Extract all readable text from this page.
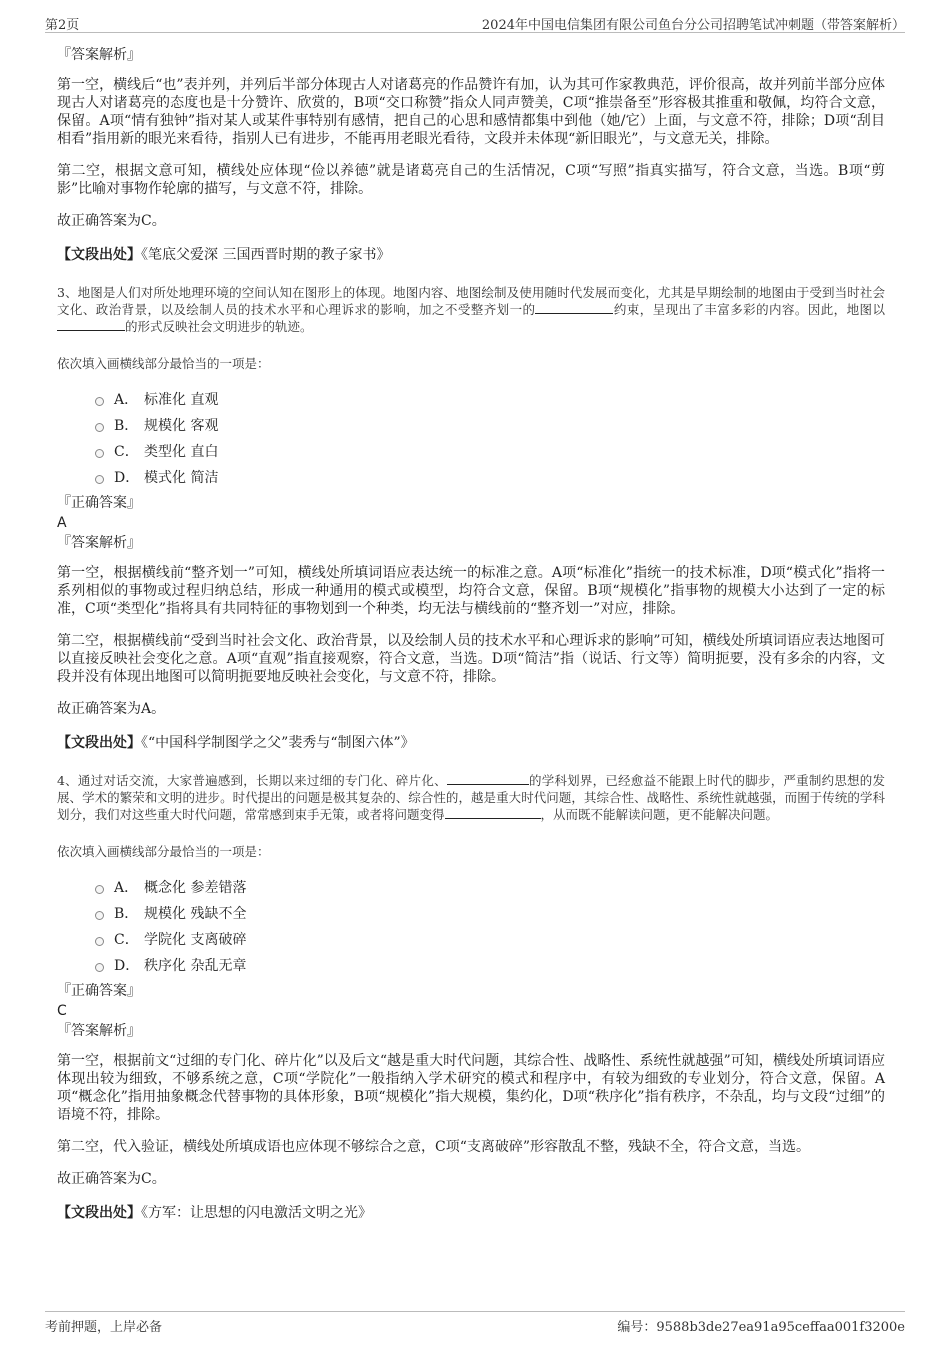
第2页	2024年中国电信集团有限公司鱼台分公司招聘笔试冲刺题（带答案解析）

『答案解析』

第一空，横线后“也”表并列，并列后半部分体现古人对诸葛亮的作品赞许有加，认为其可作家教典范，评价很高，故并列前半部分应体现古人对诸葛亮的态度也是十分赞许、欣赏的，B项“交口称赞”指众人同声赞美，C项“推崇备至”形容极其推重和敬佩，均符合文意，保留。A项“情有独钟”指对某人或某件事特别有感情，把自己的心思和感情都集中到他（她/它）上面，与文意不符，排除；D项“刮目相看”指用新的眼光来看待，指别人已有进步，不能再用老眼光看待，文段并未体现“新旧眼光”，与文意无关，排除。

第二空，根据文意可知，横线处应体现“俭以养德”就是诸葛亮自己的生活情况，C项“写照”指真实描写，符合文意，当选。B项“剪影”比喻对事物作轮廓的描写，与文意不符，排除。

故正确答案为C。

【文段出处】《笔底父爱深 三国西晋时期的教子家书》

3、地图是人们对所处地理环境的空间认知在图形上的体现。地图内容、地图绘制及使用随时代发展而变化，尤其是早期绘制的地图由于受到当时社会文化、政治背景，以及绘制人员的技术水平和心理诉求的影响，加之不受整齐划一的	约束，呈现出了丰富多彩的内容。因此，地图以的形式反映社会文明进步的轨迹。

依次填入画横线部分最恰当的一项是：

A． 标准化 直观
B． 规模化 客观
C． 类型化 直白
D． 模式化 简洁

『正确答案』

A

『答案解析』

第一空，根据横线前“整齐划一”可知，横线处所填词语应表达统一的标准之意。A项“标准化”指统一的技术标准，D项“模式化”指将一系列相似的事物或过程归纳总结，形成一种通用的模式或模型，均符合文意，保留。B项“规模化”指事物的规模大小达到了一定的标准，C项“类型化”指将具有共同特征的事物划到一个种类，均无法与横线前的“整齐划一”对应，排除。

第二空，根据横线前“受到当时社会文化、政治背景，以及绘制人员的技术水平和心理诉求的影响”可知，横线处所填词语应表达地图可以直接反映社会变化之意。A项“直观”指直接观察，符合文意，当选。D项“简洁”指（说话、行文等）简明扼要，没有多余的内容，文段并没有体现出地图可以简明扼要地反映社会变化，与文意不符，排除。

故正确答案为A。

【文段出处】《“中国科学制图学之父”裴秀与“制图六体”》

4、通过对话交流，大家普遍感到，长期以来过细的专门化、碎片化、	的学科划界，已经愈益不能跟上时代的脚步，严重制约思想的发展、学术的繁荣和文明的进步。时代提出的问题是极其复杂的、综合性的，越是重大时代问题，其综合性、战略性、系统性就越强，而囿于传统的学科划分，我们对这些重大时代问题，常常感到束手无策，或者将问题变得	，从而既不能解读问题，更不能解决问题。

依次填入画横线部分最恰当的一项是：

A． 概念化 参差错落
B． 规模化 残缺不全
C． 学院化 支离破碎
D． 秩序化 杂乱无章

『正确答案』

C

『答案解析』

第一空，根据前文“过细的专门化、碎片化”以及后文“越是重大时代问题，其综合性、战略性、系统性就越强”可知，横线处所填词语应体现出较为细致，不够系统之意，C项“学院化”一般指纳入学术研究的模式和程序中，有较为细致的专业划分，符合文意，保留。A项“概念化”指用抽象概念代替事物的具体形象，B项“规模化”指大规模，集约化，D项“秩序化”指有秩序，不杂乱，均与文段“过细”的语境不符，排除。

第二空，代入验证，横线处所填成语也应体现不够综合之意，C项“支离破碎”形容散乱不整，残缺不全，符合文意，当选。

故正确答案为C。

【文段出处】《方军：让思想的闪电激活文明之光》

考前押题，上岸必备	编号：9588b3de27ea91a95ceffaa001f3200e
